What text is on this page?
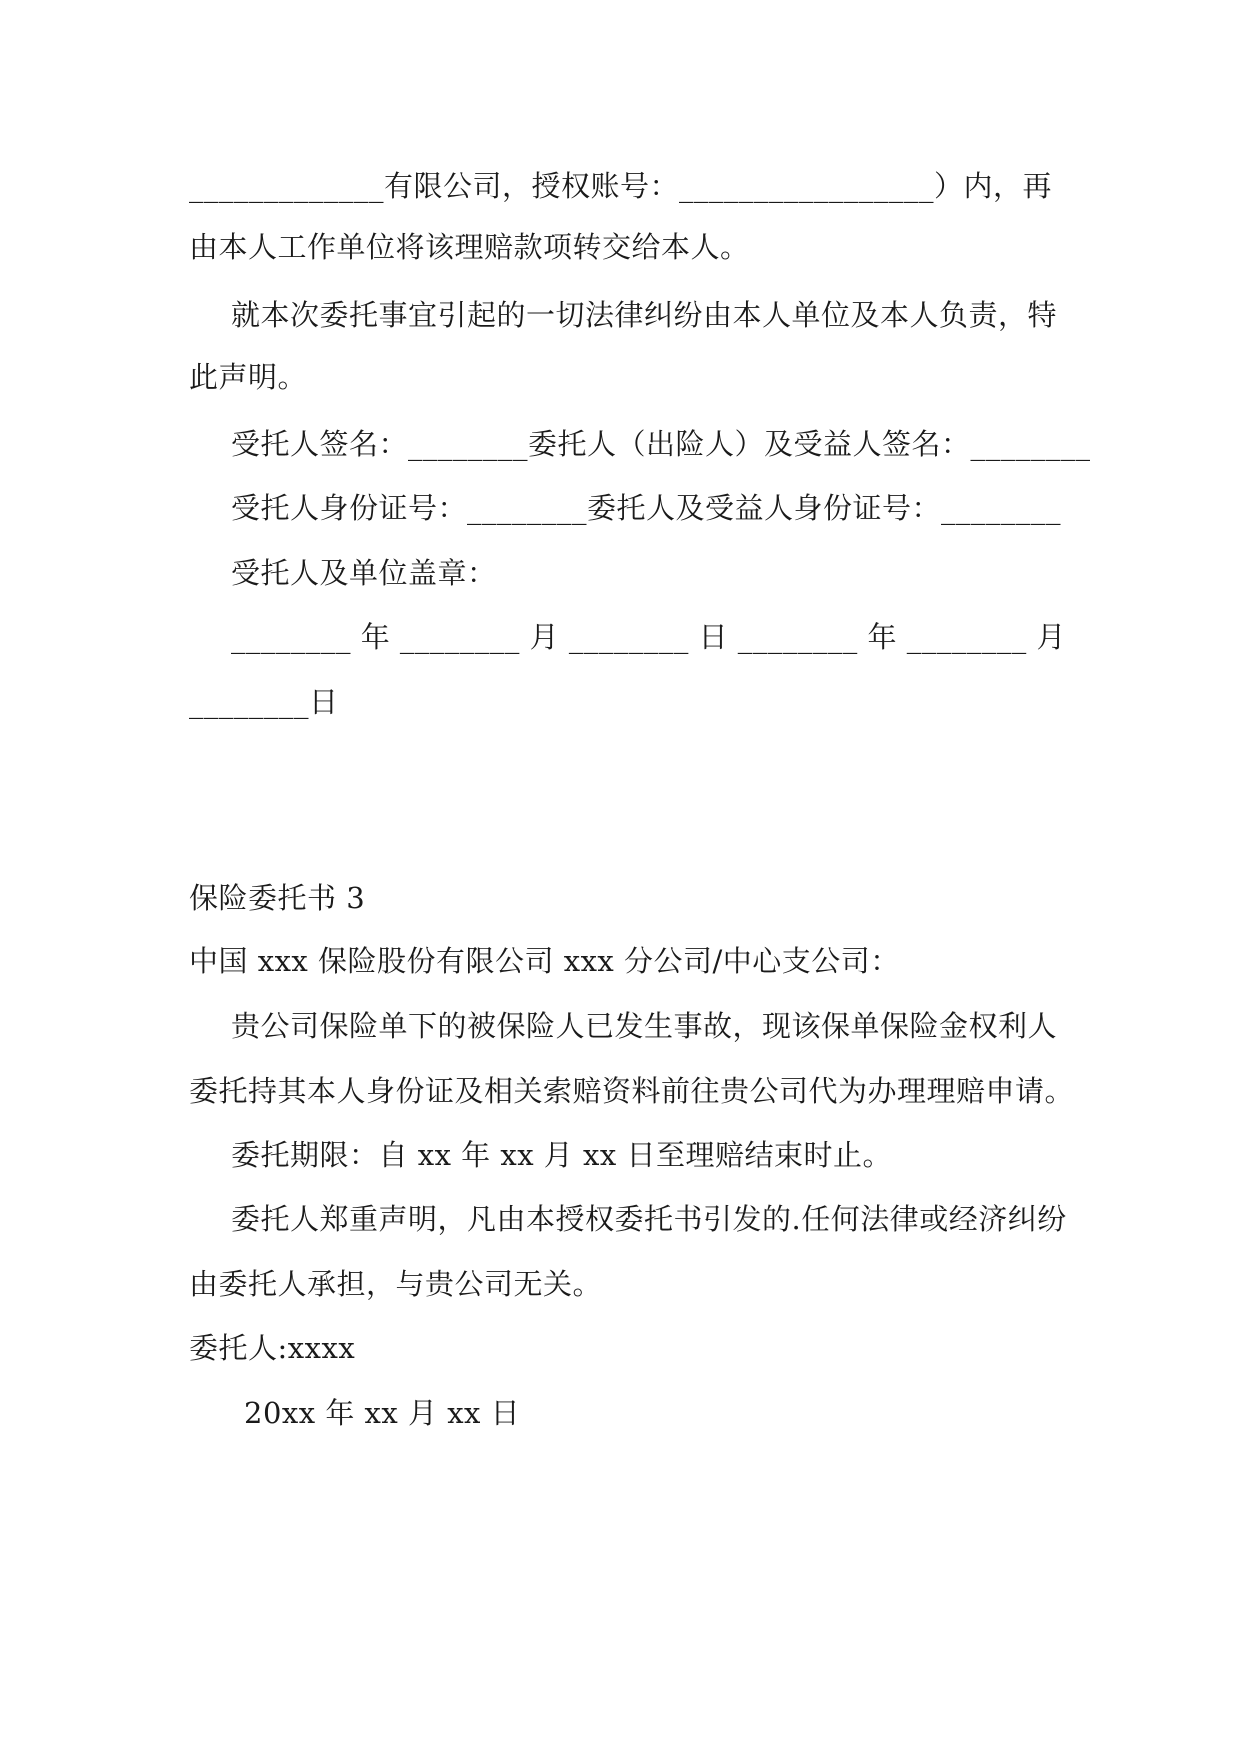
_____________有限公司，授权账号：_________________）内，再
由本人工作单位将该理赔款项转交给本人。
就本次委托事宜引起的一切法律纠纷由本人单位及本人负责，特
此声明。
受托人签名：________委托人（出险人）及受益人签名：________
受托人身份证号：________委托人及受益人身份证号：________
受托人及单位盖章：
________ 年 ________ 月 ________ 日 ________ 年 ________ 月
________日
保险委托书 3
中国 xxx 保险股份有限公司 xxx 分公司/中心支公司：
贵公司保险单下的被保险人已发生事故，现该保单保险金权利人
委托持其本人身份证及相关索赔资料前往贵公司代为办理理赔申请。
委托期限：自 xx 年 xx 月 xx 日至理赔结束时止。
委托人郑重声明，凡由本授权委托书引发的.任何法律或经济纠纷
由委托人承担，与贵公司无关。
委托人:xxxx
20xx 年 xx 月 xx 日
